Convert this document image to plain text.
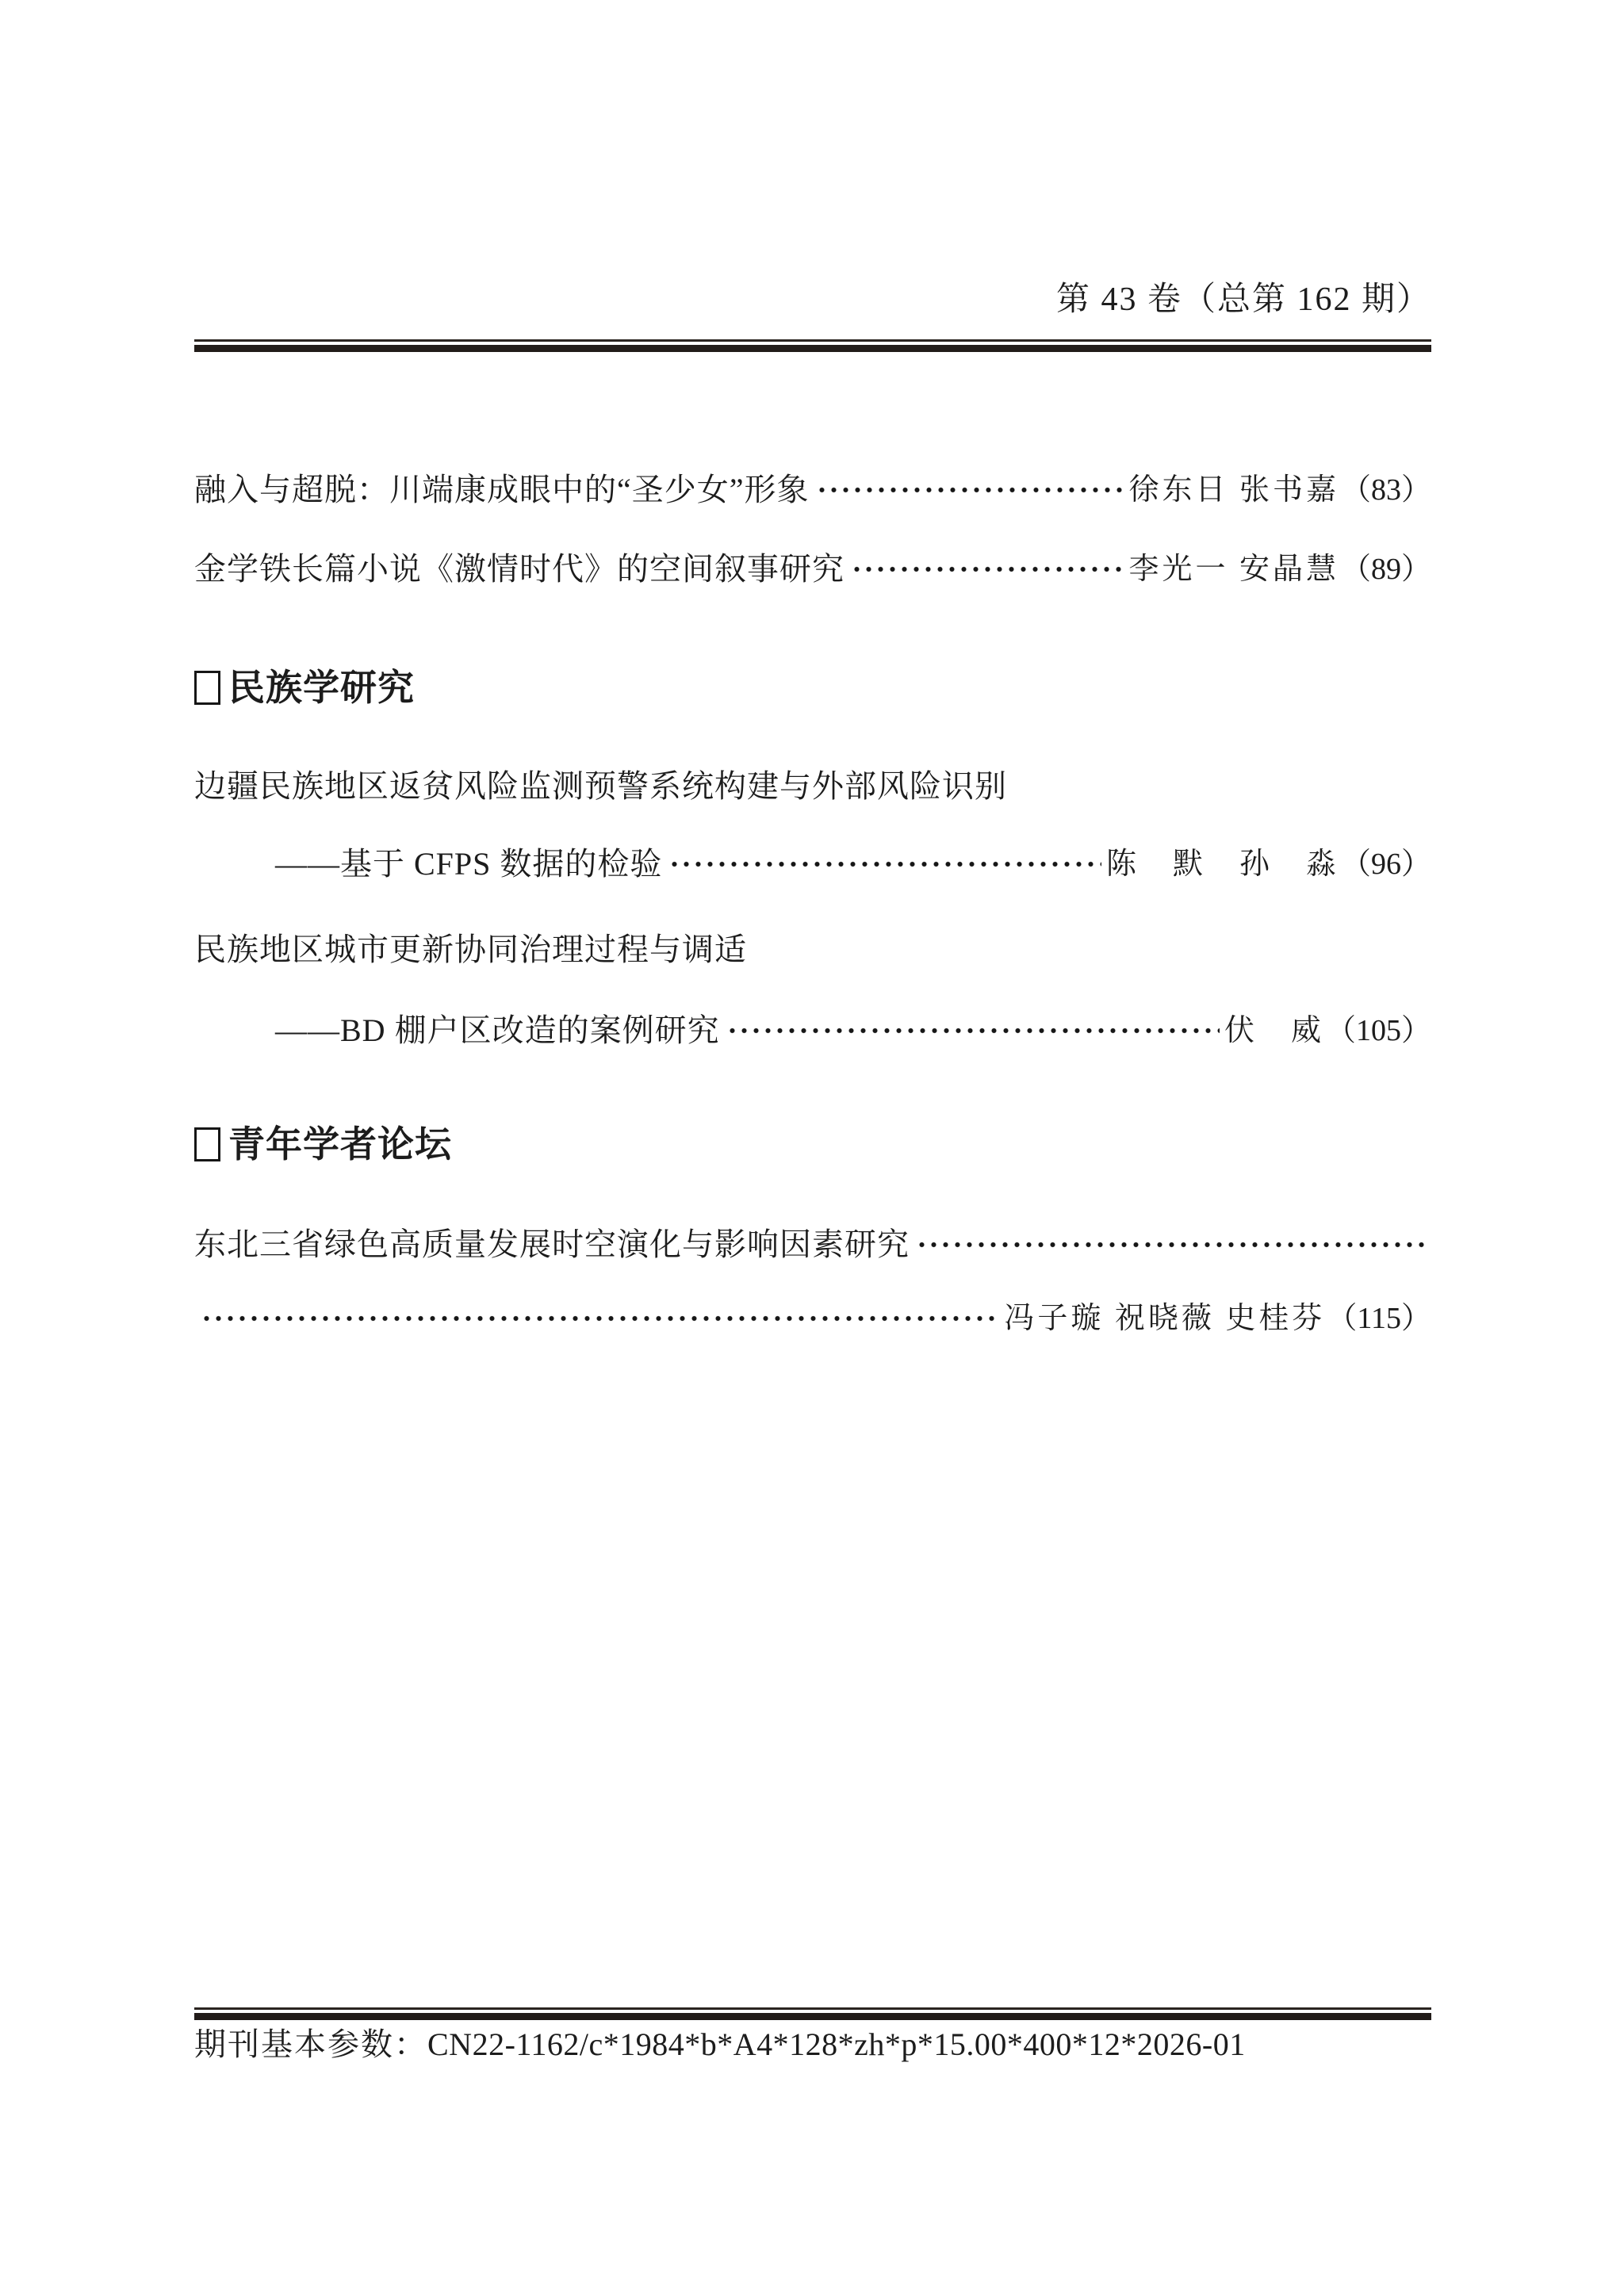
第 43 卷（总第 162 期）
融入与超脱：川端康成眼中的“圣少女”形象	徐东日 张书嘉 （83）
金学铁长篇小说《激情时代》的空间叙事研究	李光一 安晶慧 （89）
民族学研究
边疆民族地区返贫风险监测预警系统构建与外部风险识别
——基于 CFPS 数据的检验	陈　默　孙　淼 （96）
民族地区城市更新协同治理过程与调适
——BD 棚户区改造的案例研究	伏　威 （105）
青年学者论坛
东北三省绿色高质量发展时空演化与影响因素研究
冯子璇 祝晓薇 史桂芬 （115）
期刊基本参数：CN22-1162/c*1984*b*A4*128*zh*p*15.00*400*12*2026-01
